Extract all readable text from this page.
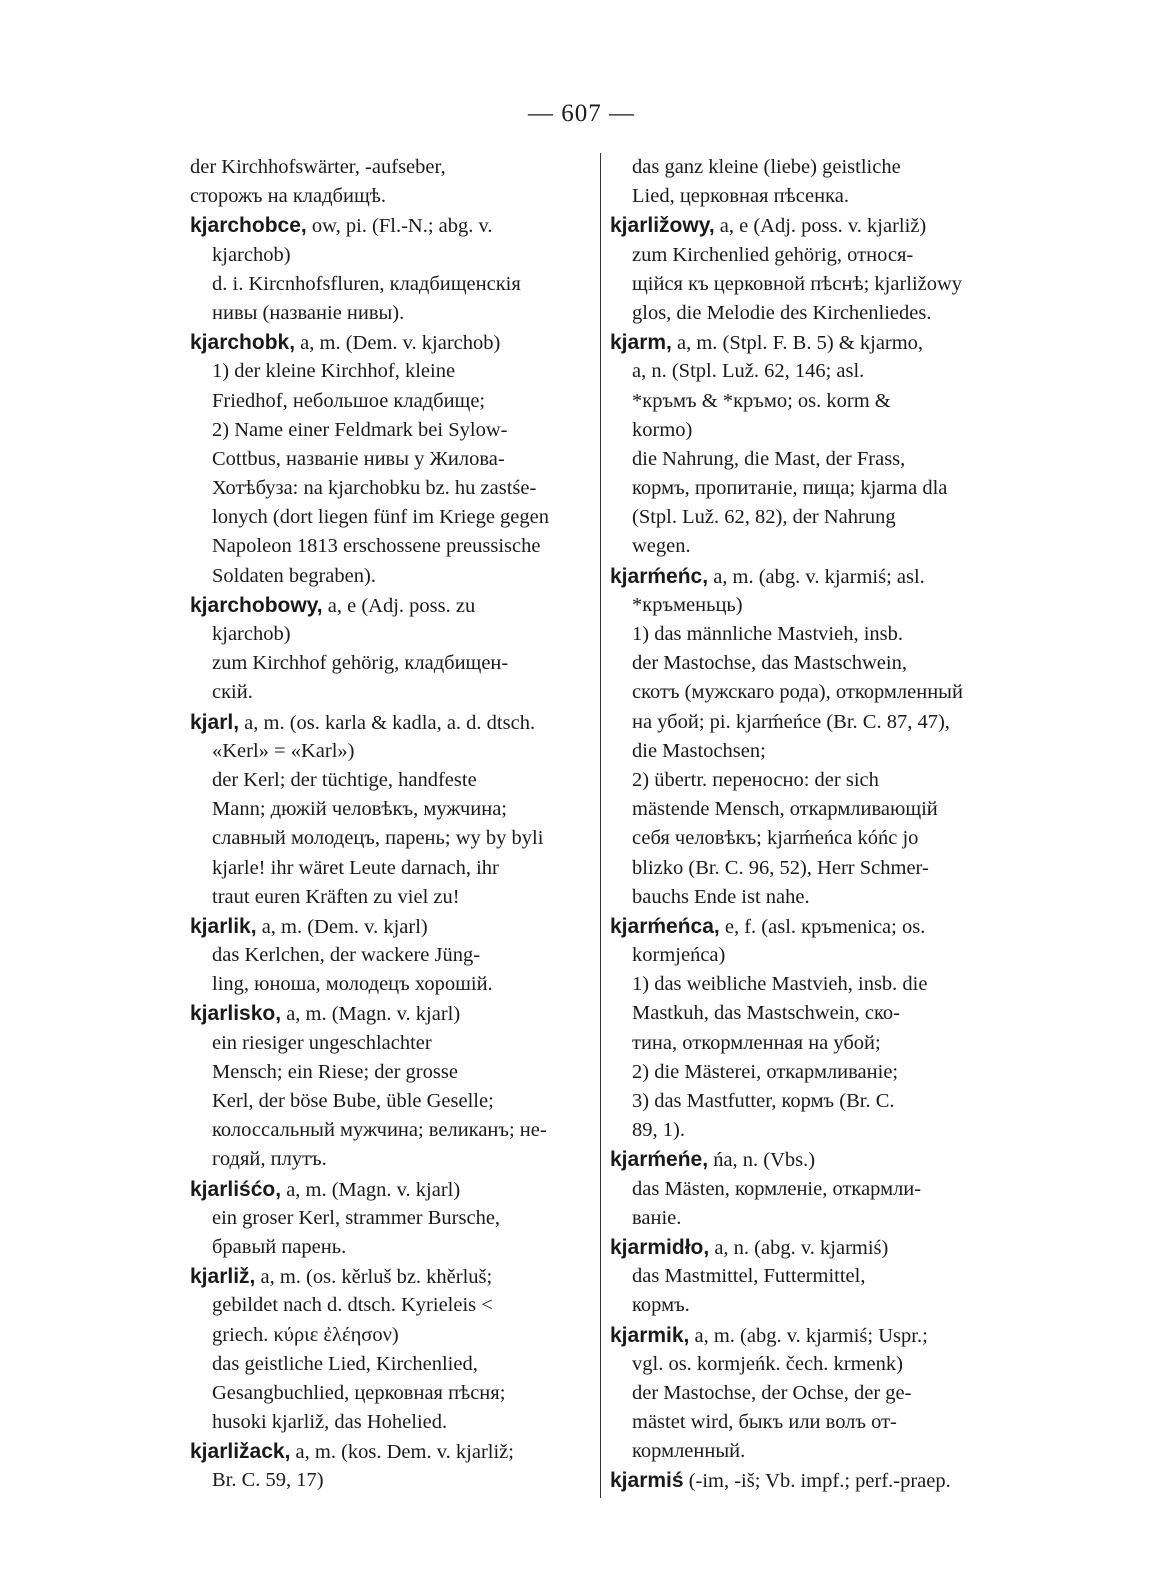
— 607 —
der Kirchhofswärter, -aufseber,
сторожъ на кладбищѣ.
kjarchobce, ow, pi. (Fl.-N.; abg. v.
kjarchob)
d. i. Kircnhofsfluren, кладбищенскія
нивы (названіе нивы).
kjarchobk, a, m. (Dem. v. kjarchob)
1) der kleine Kirchhof, kleine
Friedhof, небольшое кладбище;
2) Name einer Feldmark bei Sylow-
Cottbus, названіе нивы у Жилова-
Хотѣбуза: na kjarchobku bz. hu zastśe-
lonych (dort liegen fünf im Kriege gegen
Napoleon 1813 erschossene preussische
Soldaten begraben).
kjarchobowy, a, e (Adj. poss. zu
kjarchob)
zum Kirchhof gehörig, кладбищен-
скій.
kjarl, a, m. (os. karla & kadla, a. d. dtsch.
«Kerl» = «Karl»)
der Kerl; der tüchtige, handfeste
Mann; дюжій человѣкъ, мужчина;
славный молодецъ, парень; wy by byli
kjarle! ihr wäret Leute darnach, ihr
traut euren Kräften zu viel zu!
kjarlik, a, m. (Dem. v. kjarl)
das Kerlchen, der wackere Jüng-
ling, юноша, молодецъ хорошій.
kjarlisko, a, m. (Magn. v. kjarl)
ein riesiger ungeschlachter
Mensch; ein Riese; der grosse
Kerl, der böse Bube, üble Geselle;
колоссальный мужчина; великанъ; не-
годяй, плутъ.
kjarliśćo, a, m. (Magn. v. kjarl)
ein groser Kerl, strammer Bursche,
бравый парень.
kjarliž, a, m. (os. kěrluš bz. khěrluš;
gebildet nach d. dtsch. Kyrieleis <
griech. κύριε ἐλέησον)
das geistliche Lied, Kirchenlied,
Gesangbuchlied, церковная пѣсня;
husoki kjarliž, das Hohelied.
kjarližack, a, m. (kos. Dem. v. kjarliž;
Br. C. 59, 17)
das ganz kleine (liebe) geistliche
Lied, церковная пѣсенка.
kjarližowy, a, e (Adj. poss. v. kjarliž)
zum Kirchenlied gehörig, относя-
щійся къ церковной пѣснѣ; kjarližowy
glos, die Melodie des Kirchenliedes.
kjarm, a, m. (Stpl. F. B. 5) & kjarmo,
a, n. (Stpl. Luž. 62, 146; asl.
*кръмъ & *кръмо; os. korm &
kormo)
die Nahrung, die Mast, der Frass,
кормъ, пропитаніе, пища; kjarma dla
(Stpl. Luž. 62, 82), der Nahrung
wegen.
kjarḿeńc, a, m. (abg. v. kjarmiś; asl.
*кръменьць)
1) das männliche Mastvieh, insb.
der Mastochse, das Mastschwein,
скотъ (мужскаго рода), откормленный
на убой; pi. kjarḿeńce (Br. C. 87, 47),
die Mastochsen;
2) übertr. переносно: der sich
mästende Mensch, откармливающій
себя человѣкъ; kjarḿeńca kóńc jo
blizko (Br. C. 96, 52), Herr Schmer-
bauchs Ende ist nahe.
kjarḿeńca, e, f. (asl. кръmenica; os.
kormjeńca)
1) das weibliche Mastvieh, insb. die
Mastkuh, das Mastschwein, ско-
тина, откормленная на убой;
2) die Mästerei, откармливаніе;
3) das Mastfutter, кормъ (Br. C.
89, 1).
kjarḿeńe, ńa, n. (Vbs.)
das Mästen, кормленіе, откармли-
ваніе.
kjarmidło, a, n. (abg. v. kjarmiś)
das Mastmittel, Futtermittel,
кормъ.
kjarmik, a, m. (abg. v. kjarmiś; Uspr.;
vgl. os. kormjeńk. čech. krmenk)
der Mastochse, der Ochse, der ge-
mästet wird, быкъ или волъ от-
кормленный.
kjarmiś (-im, -iš; Vb. impf.; perf.-praep.
